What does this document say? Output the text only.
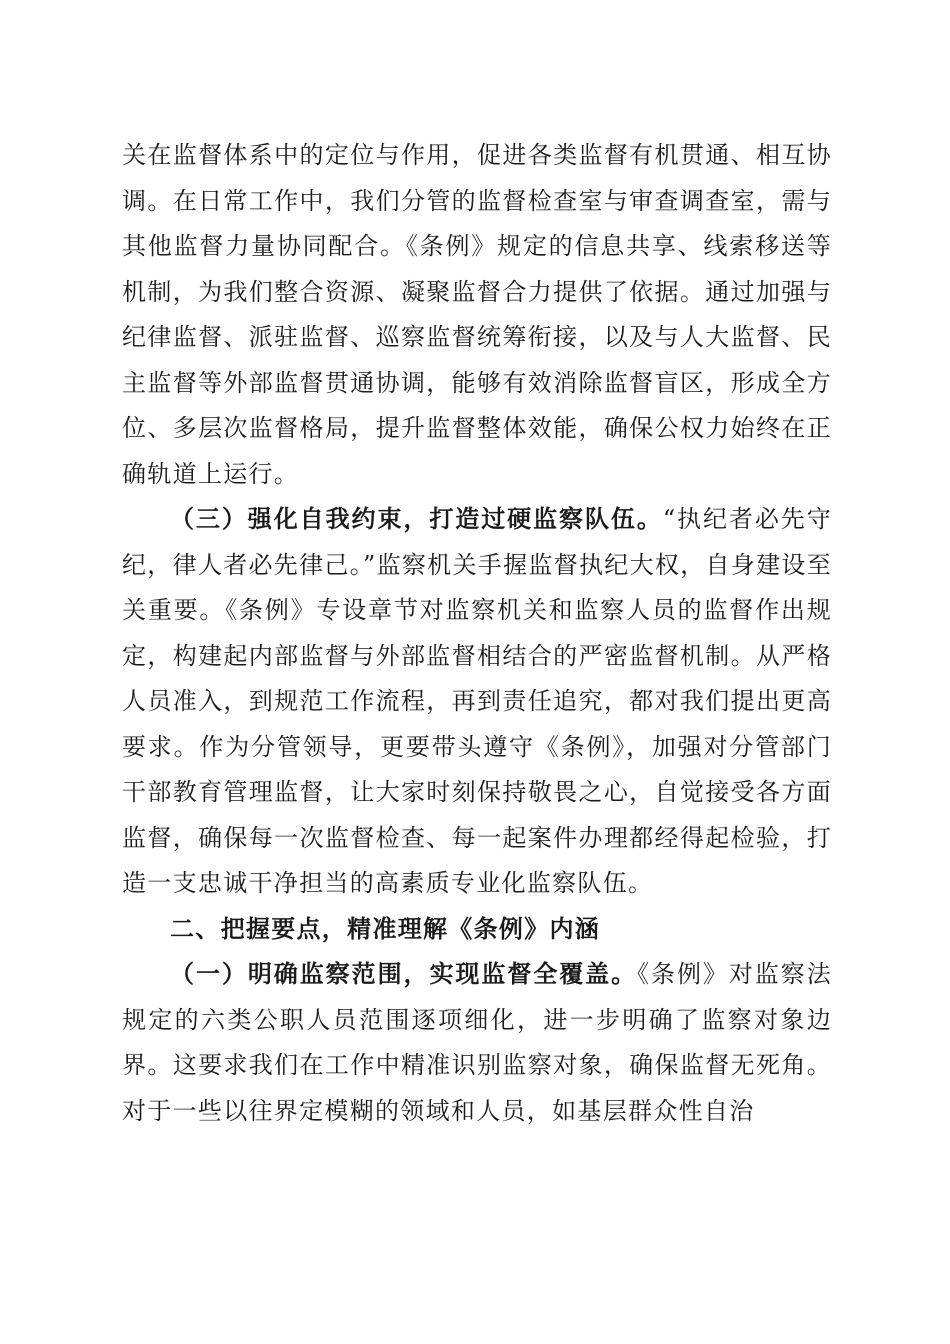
关在监督体系中的定位与作用，促进各类监督有机贯通、相互协调。在日常工作中，我们分管的监督检查室与审查调查室，需与其他监督力量协同配合。《条例》规定的信息共享、线索移送等机制，为我们整合资源、凝聚监督合力提供了依据。通过加强与纪律监督、派驻监督、巡察监督统筹衔接，以及与人大监督、民主监督等外部监督贯通协调，能够有效消除监督盲区，形成全方位、多层次监督格局，提升监督整体效能，确保公权力始终在正确轨道上运行。

（三）强化自我约束，打造过硬监察队伍。“执纪者必先守纪，律人者必先律己。”监察机关手握监督执纪大权，自身建设至关重要。《条例》专设章节对监察机关和监察人员的监督作出规定，构建起内部监督与外部监督相结合的严密监督机制。从严格人员准入，到规范工作流程，再到责任追究，都对我们提出更高要求。作为分管领导，更要带头遵守《条例》，加强对分管部门干部教育管理监督，让大家时刻保持敬畏之心，自觉接受各方面监督，确保每一次监督检查、每一起案件办理都经得起检验，打造一支忠诚干净担当的高素质专业化监察队伍。

二、把握要点，精准理解《条例》内涵

（一）明确监察范围，实现监督全覆盖。《条例》对监察法规定的六类公职人员范围逐项细化，进一步明确了监察对象边界。这要求我们在工作中精准识别监察对象，确保监督无死角。对于一些以往界定模糊的领域和人员，如基层群众性自治
